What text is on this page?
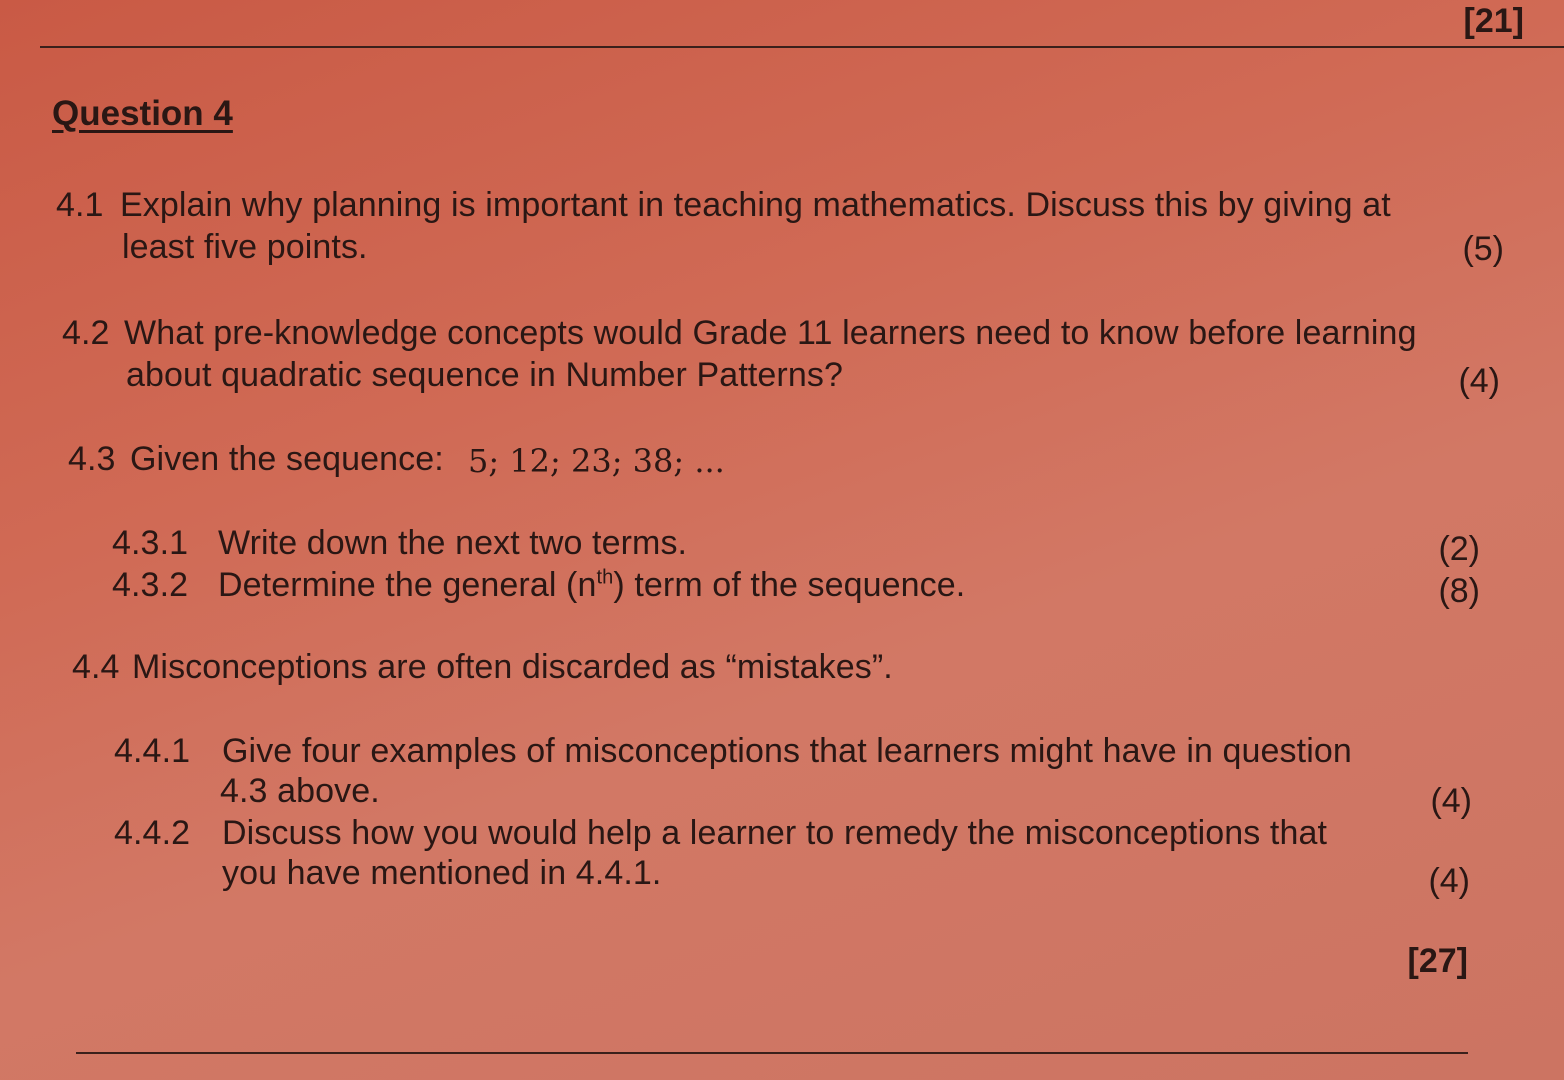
[21]
Question 4
4.1 Explain why planning is important in teaching mathematics. Discuss this by giving at
least five points.	(5)
4.2 What pre-knowledge concepts would Grade 11 learners need to know before learning
about quadratic sequence in Number Patterns?	(4)
4.3 Given the sequence: 5; 12; 23; 38; ...
4.3.1 Write down the next two terms.	(2)
4.3.2 Determine the general $(n^{th})$ term of the sequence.	(8)
4.4 Misconceptions are often discarded as “mistakes”.
4.4.1 Give four examples of misconceptions that learners might have in question
4.3 above.	(4)
4.4.2 Discuss how you would help a learner to remedy the misconceptions that
you have mentioned in 4.4.1.	(4)
[27]
